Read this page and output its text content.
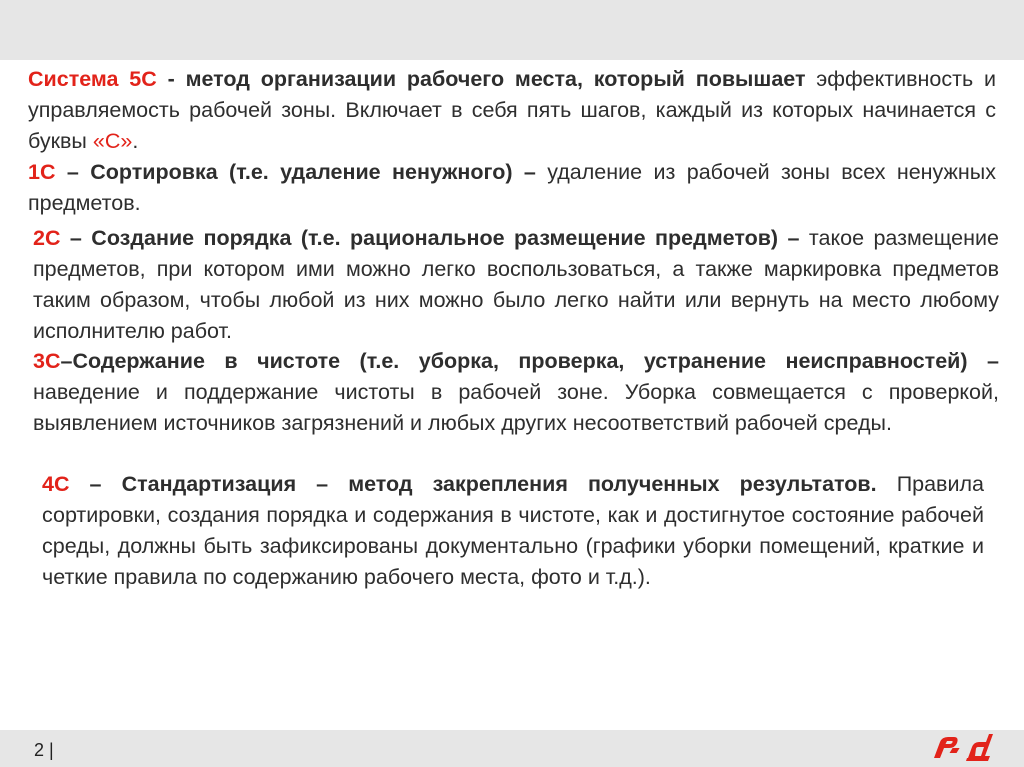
Система 5С - метод организации рабочего места, который повышает эффективность и управляемость рабочей зоны. Включает в себя пять шагов, каждый из которых начинается с буквы «С».

1С – Сортировка (т.е. удаление ненужного) – удаление из рабочей зоны всех ненужных предметов.

2С – Создание порядка (т.е. рациональное размещение предметов) – такое размещение предметов, при котором ими можно легко воспользоваться, а также маркировка предметов таким образом, чтобы любой из них можно было легко найти или вернуть на место любому исполнителю работ.

3С–Содержание в чистоте (т.е. уборка, проверка, устранение неисправностей) – наведение и поддержание чистоты в рабочей зоне. Уборка совмещается с проверкой, выявлением источников загрязнений и любых других несоответствий рабочей среды.

4С – Стандартизация – метод закрепления полученных результатов. Правила сортировки, создания порядка и содержания в чистоте, как и достигнутое состояние рабочей среды, должны быть зафиксированы документально (графики уборки помещений, краткие и четкие правила по содержанию рабочего места, фото и т.д.).

2 |
